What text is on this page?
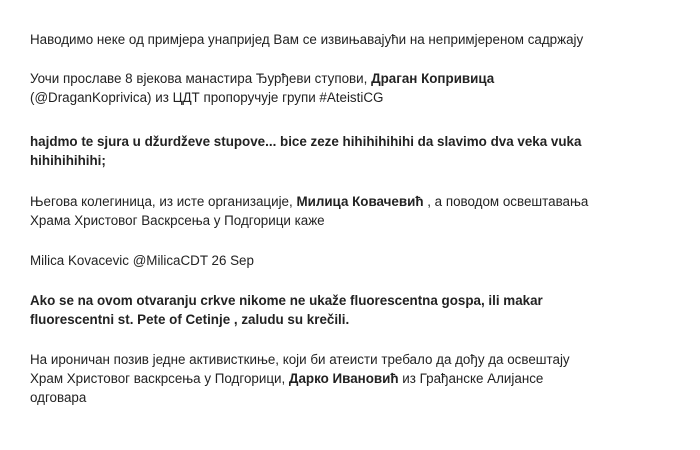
Наводимо неке од примјера унапријед Вам се извињавајући на непримјереном садржају

Уочи прославе 8 вјекова манастира Ђурђеви ступови, Драган Копривица
(@DraganKoprivica) из ЦДТ пропоручује групи #AteistiCG

hajdmo te sjura u džurdževe stupove... bice zeze hihihihihihi da slavimo dva veka vuka
hihihihihihi;

Његова колегиница, из исте организације, Милица Ковачевић , а поводом освештавања
Храма Христовог Васкрсења у Подгорици каже

Milica Kovacevic @MilicaCDT 26 Sep

Ako se na ovom otvaranju crkve nikome ne ukaže fluorescentna gospa, ili makar
fluorescentni st. Pete of Cetinje , zaludu su krečili.

На ироничан позив једне активисткиње, који би атеисти требало да дођу да освештају
Храм Христовог васкрсења у Подгорици, Дарко Ивановић из Грађанске Алијансе
одговара
